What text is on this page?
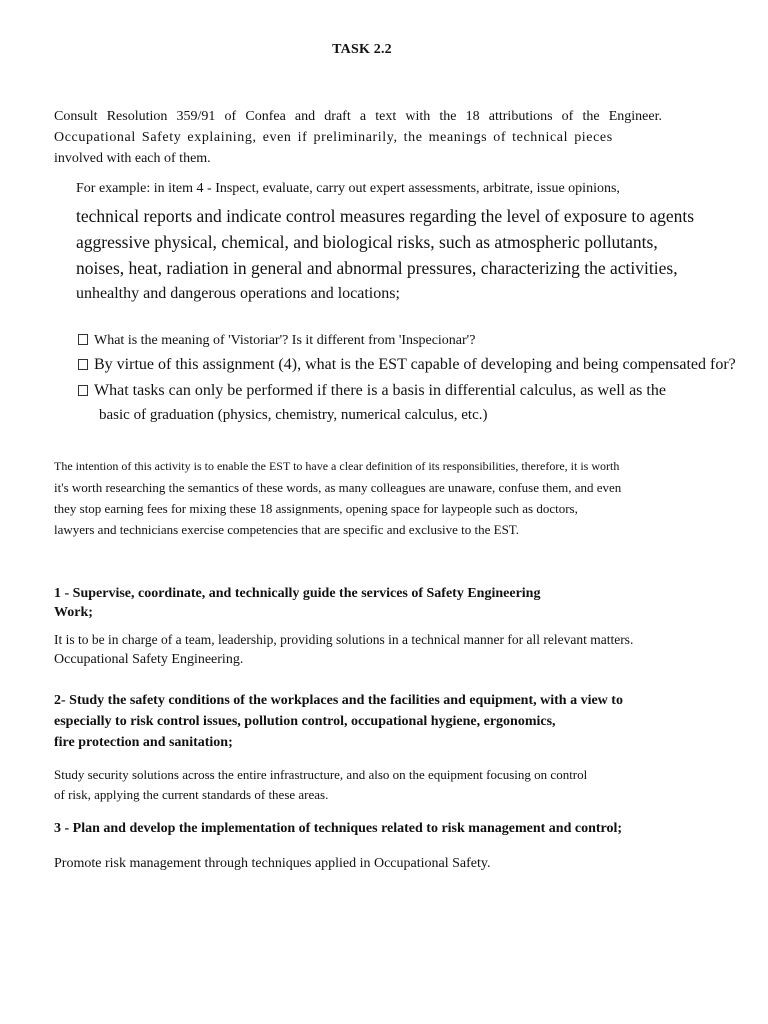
TASK 2.2
Consult Resolution 359/91 of Confea and draft a text with the 18 attributions of the Engineer.
Occupational Safety explaining, even if preliminarily, the meanings of technical pieces
involved with each of them.
For example: in item 4 - Inspect, evaluate, carry out expert assessments, arbitrate, issue opinions,
technical reports and indicate control measures regarding the level of exposure to agents
aggressive physical, chemical, and biological risks, such as atmospheric pollutants,
noises, heat, radiation in general and abnormal pressures, characterizing the activities,
unhealthy and dangerous operations and locations;
What is the meaning of 'Vistoriar'? Is it different from 'Inspecionar'?
By virtue of this assignment (4), what is the EST capable of developing and being compensated for?
What tasks can only be performed if there is a basis in differential calculus, as well as the
basic of graduation (physics, chemistry, numerical calculus, etc.)
The intention of this activity is to enable the EST to have a clear definition of its responsibilities, therefore, it is worth
it's worth researching the semantics of these words, as many colleagues are unaware, confuse them, and even
they stop earning fees for mixing these 18 assignments, opening space for laypeople such as doctors,
lawyers and technicians exercise competencies that are specific and exclusive to the EST.
1 - Supervise, coordinate, and technically guide the services of Safety Engineering
Work;
It is to be in charge of a team, leadership, providing solutions in a technical manner for all relevant matters.
Occupational Safety Engineering.
2- Study the safety conditions of the workplaces and the facilities and equipment, with a view to
especially to risk control issues, pollution control, occupational hygiene, ergonomics,
fire protection and sanitation;
Study security solutions across the entire infrastructure, and also on the equipment focusing on control
of risk, applying the current standards of these areas.
3 - Plan and develop the implementation of techniques related to risk management and control;
Promote risk management through techniques applied in Occupational Safety.
